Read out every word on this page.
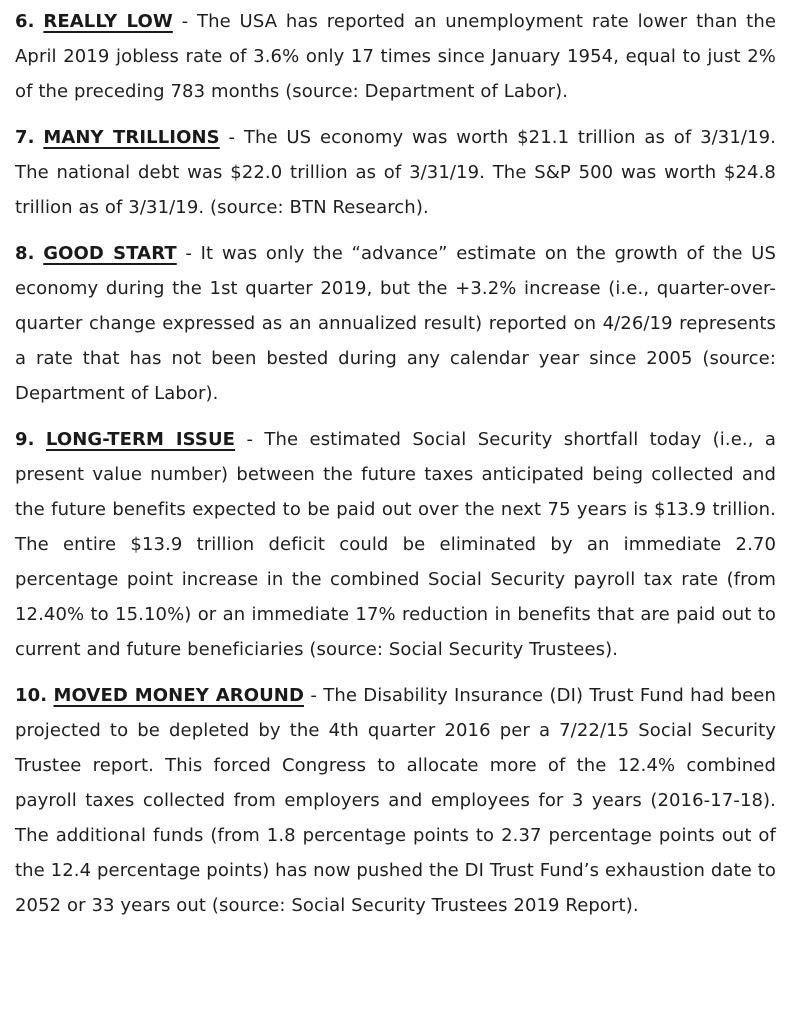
6. REALLY LOW - The USA has reported an unemployment rate lower than the April 2019 jobless rate of 3.6% only 17 times since January 1954, equal to just 2% of the preceding 783 months (source: Department of Labor).

7. MANY TRILLIONS - The US economy was worth $21.1 trillion as of 3/31/19. The national debt was $22.0 trillion as of 3/31/19. The S&P 500 was worth $24.8 trillion as of 3/31/19. (source: BTN Research).

8. GOOD START - It was only the “advance” estimate on the growth of the US economy during the 1st quarter 2019, but the +3.2% increase (i.e., quarter-over-quarter change expressed as an annualized result) reported on 4/26/19 represents a rate that has not been bested during any calendar year since 2005 (source: Department of Labor).

9. LONG-TERM ISSUE - The estimated Social Security shortfall today (i.e., a present value number) between the future taxes anticipated being collected and the future benefits expected to be paid out over the next 75 years is $13.9 trillion. The entire $13.9 trillion deficit could be eliminated by an immediate 2.70 percentage point increase in the combined Social Security payroll tax rate (from 12.40% to 15.10%) or an immediate 17% reduction in benefits that are paid out to current and future beneficiaries (source: Social Security Trustees).

10. MOVED MONEY AROUND - The Disability Insurance (DI) Trust Fund had been projected to be depleted by the 4th quarter 2016 per a 7/22/15 Social Security Trustee report. This forced Congress to allocate more of the 12.4% combined payroll taxes collected from employers and employees for 3 years (2016-17-18). The additional funds (from 1.8 percentage points to 2.37 percentage points out of the 12.4 percentage points) has now pushed the DI Trust Fund’s exhaustion date to 2052 or 33 years out (source: Social Security Trustees 2019 Report).
